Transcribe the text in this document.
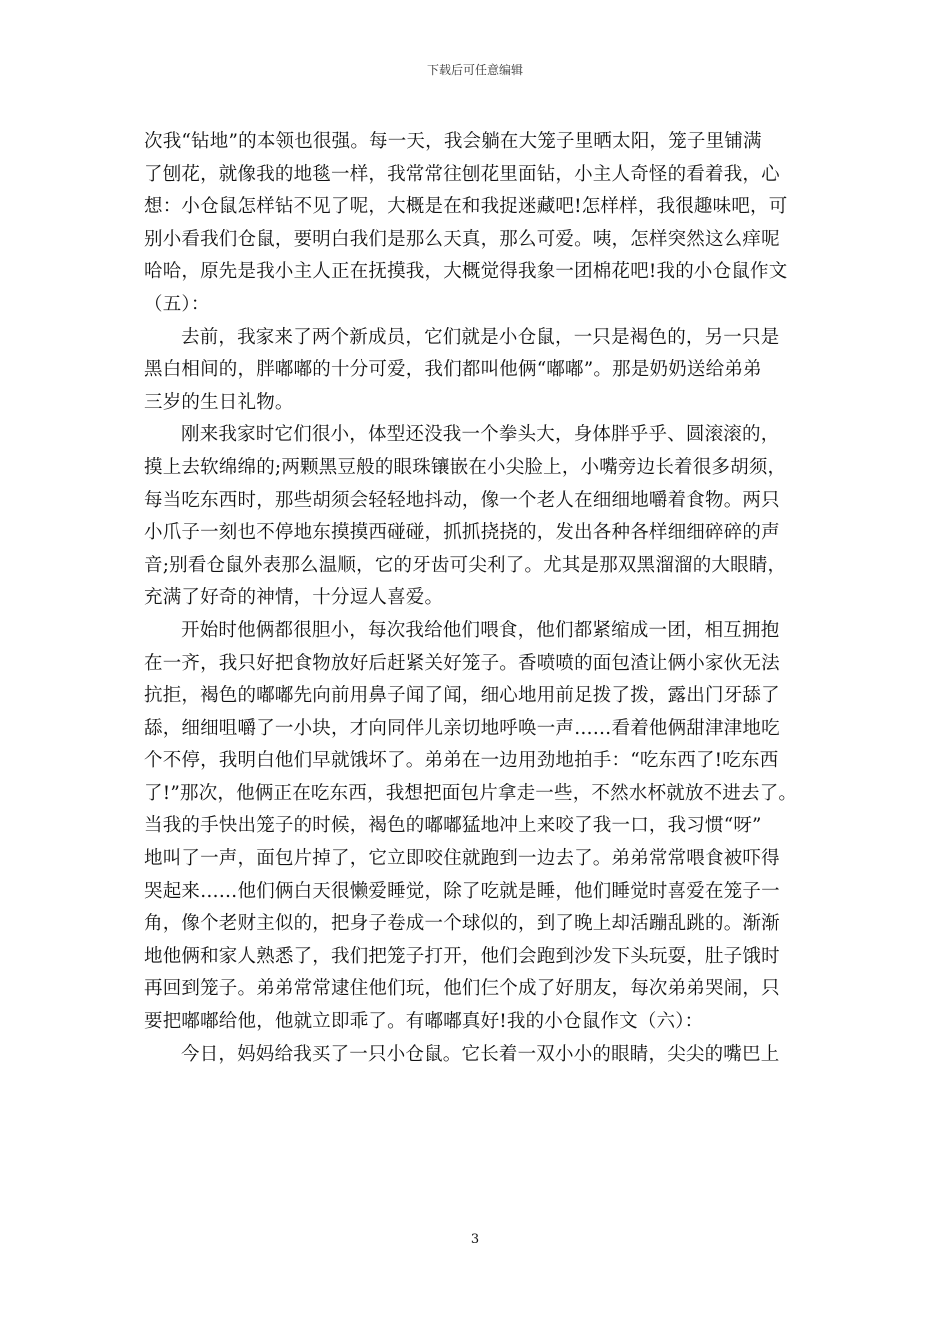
下载后可任意编辑
次我“钻地”的本领也很强。每一天，我会躺在大笼子里晒太阳，笼子里铺满
了刨花，就像我的地毯一样，我常常往刨花里面钻，小主人奇怪的看着我，心
想：小仓鼠怎样钻不见了呢，大概是在和我捉迷藏吧!怎样样，我很趣味吧，可
别小看我们仓鼠，要明白我们是那么天真，那么可爱。咦，怎样突然这么痒呢
哈哈，原先是我小主人正在抚摸我，大概觉得我象一团棉花吧!我的小仓鼠作文
（五）：
去前，我家来了两个新成员，它们就是小仓鼠，一只是褐色的，另一只是
黑白相间的，胖嘟嘟的十分可爱，我们都叫他俩“嘟嘟”。那是奶奶送给弟弟
三岁的生日礼物。
刚来我家时它们很小，体型还没我一个拳头大，身体胖乎乎、圆滚滚的，
摸上去软绵绵的;两颗黑豆般的眼珠镶嵌在小尖脸上，小嘴旁边长着很多胡须，
每当吃东西时，那些胡须会轻轻地抖动，像一个老人在细细地嚼着食物。两只
小爪子一刻也不停地东摸摸西碰碰，抓抓挠挠的，发出各种各样细细碎碎的声
音;别看仓鼠外表那么温顺，它的牙齿可尖利了。尤其是那双黑溜溜的大眼睛，
充满了好奇的神情，十分逗人喜爱。
开始时他俩都很胆小，每次我给他们喂食，他们都紧缩成一团，相互拥抱
在一齐，我只好把食物放好后赶紧关好笼子。香喷喷的面包渣让俩小家伙无法
抗拒，褐色的嘟嘟先向前用鼻子闻了闻，细心地用前足拨了拨，露出门牙舔了
舔，细细咀嚼了一小块，才向同伴儿亲切地呼唤一声……看着他俩甜津津地吃
个不停，我明白他们早就饿坏了。弟弟在一边用劲地拍手：“吃东西了!吃东西
了!”那次，他俩正在吃东西，我想把面包片拿走一些，不然水杯就放不进去了。
当我的手快出笼子的时候，褐色的嘟嘟猛地冲上来咬了我一口，我习惯“呀”
地叫了一声，面包片掉了，它立即咬住就跑到一边去了。弟弟常常喂食被吓得
哭起来……他们俩白天很懒爱睡觉，除了吃就是睡，他们睡觉时喜爱在笼子一
角，像个老财主似的，把身子卷成一个球似的，到了晚上却活蹦乱跳的。渐渐
地他俩和家人熟悉了，我们把笼子打开，他们会跑到沙发下头玩耍，肚子饿时
再回到笼子。弟弟常常逮住他们玩，他们仨个成了好朋友，每次弟弟哭闹，只
要把嘟嘟给他，他就立即乖了。有嘟嘟真好!我的小仓鼠作文（六）：
今日，妈妈给我买了一只小仓鼠。它长着一双小小的眼睛，尖尖的嘴巴上
3
